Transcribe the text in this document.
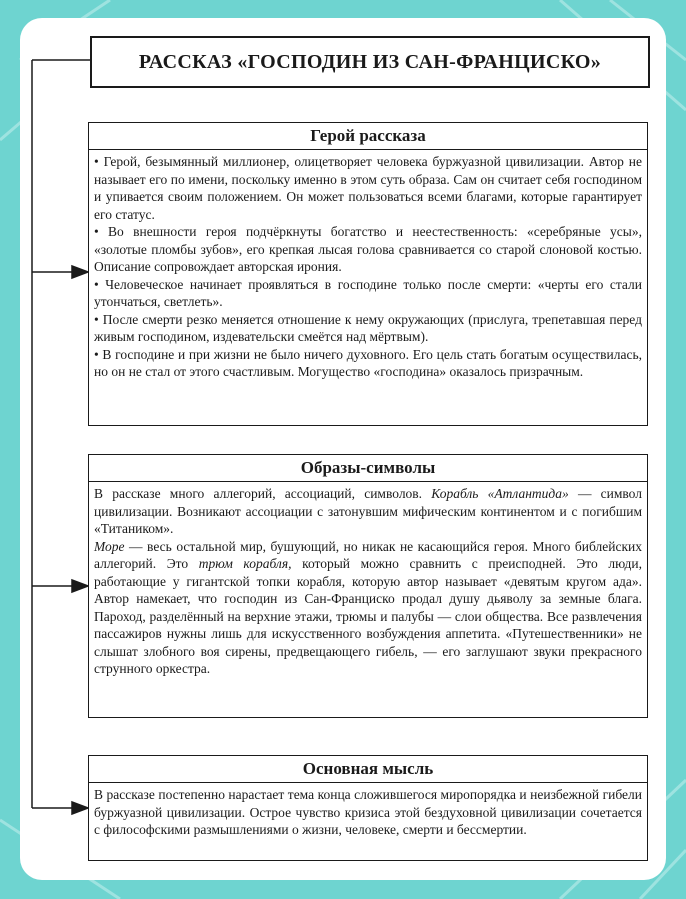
РАССКАЗ «ГОСПОДИН ИЗ САН-ФРАНЦИСКО»
Герой рассказа

• Герой, безымянный миллионер, олицетворяет человека буржуазной цивилизации. Автор не называет его по имени, поскольку именно в этом суть образа. Сам он считает себя господином и упивается своим положением. Он может пользоваться всеми благами, которые гарантирует его статус.

• Во внешности героя подчёркнуты богатство и неестественность: «серебряные усы», «золотые пломбы зубов», его крепкая лысая голова сравнивается со старой слоновой костью. Описание сопровождает авторская ирония.

• Человеческое начинает проявляться в господине только после смерти: «черты его стали утончаться, светлеть».

• После смерти резко меняется отношение к нему окружающих (прислуга, трепетавшая перед живым господином, издевательски смеётся над мёртвым).

• В господине и при жизни не было ничего духовного. Его цель стать богатым осуществилась, но он не стал от этого счастливым. Могущество «господина» оказалось призрачным.

Образы-символы

В рассказе много аллегорий, ассоциаций, символов. Корабль «Атлантида» — символ цивилизации. Возникают ассоциации с затонувшим мифическим континентом и с погибшим «Титаником».

Море — весь остальной мир, бушующий, но никак не касающийся героя. Много библейских аллегорий. Это трюм корабля, который можно сравнить с преисподней. Это люди, работающие у гигантской топки корабля, которую автор называет «девятым кругом ада». Автор намекает, что господин из Сан-Франциско продал душу дьяволу за земные блага. Пароход, разделённый на верхние этажи, трюмы и палубы — слои общества. Все развлечения пассажиров нужны лишь для искусственного возбуждения аппетита. «Путешественники» не слышат злобного воя сирены, предвещающего гибель, — его заглушают звуки прекрасного струнного оркестра.

Основная мысль

В рассказе постепенно нарастает тема конца сложившегося миропорядка и неизбежной гибели буржуазной цивилизации. Острое чувство кризиса этой бездуховной цивилизации сочетается с философскими размышлениями о жизни, человеке, смерти и бессмертии.
